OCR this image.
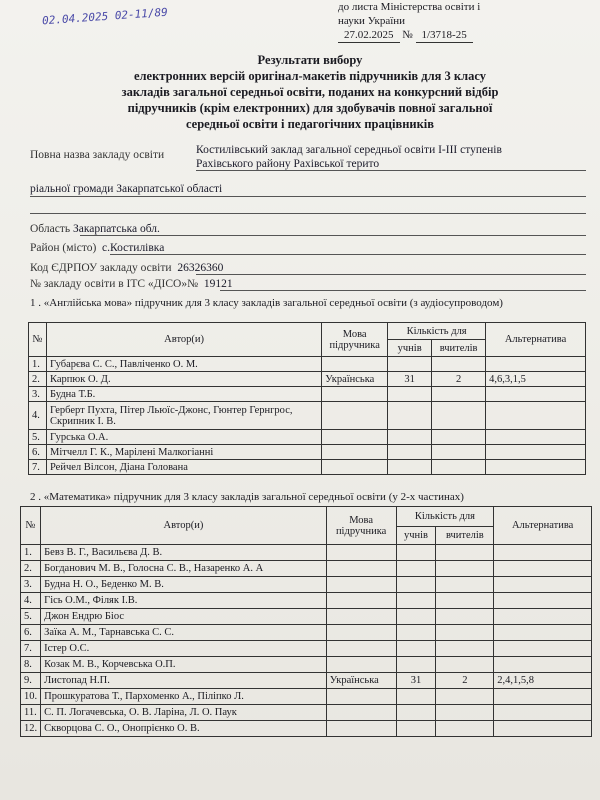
02.04.2025 02-11/89	до листа Міністерства освіти і
науки України
27.02.2025 № 1/3718-25
Результати вибору
електронних версій оригінал-макетів підручників для 3 класу
закладів загальної середньої освіти, поданих на конкурсний відбір
підручників (крім електронних) для здобувачів повної загальної
середньої освіти і педагогічних працівників
Повна назва закладу освіти	Костилівський заклад загальної середньої освіти І-ІІІ ступенів
Рахівського району Рахівської терито
ріальної громади Закарпатської області
Область Закарпатська обл.
Район (місто) с.Костилівка
Код ЄДРПОУ закладу освіти 26326360
№ закладу освіти в ІТС «ДІСО»№ 19121
1 . «Англійська мова» підручник для 3 класу закладів загальної середньої освіти (з аудіосупроводом)
№	Автор(и)	Мова підручника	Кількість для		Альтернатива
			учнів	вчителів	
1.	Губарєва С. С., Павліченко О. М.				
2.	Карпюк О. Д.	Українська	31	2	4,6,3,1,5
3.	Будна Т.Б.				
4.	Герберт Пухта, Пітер Льюїс-Джонс, Гюнтер Гернгрос, Скрипник І. В.				
5.	Гурська О.А.				
6.	Мітчелл Г. К., Марілені Малкогіанні				
7.	Рейчел Вілсон, Діана Голована				
2 . «Математика» підручник для 3 класу закладів загальної середньої освіти (у 2-х частинах)
№	Автор(и)	Мова підручника	Кількість для		Альтернатива
			учнів	вчителів	
1.	Бевз В. Г., Васильєва Д. В.				
2.	Богданович М. В., Голосна С. В., Назаренко А. А				
3.	Будна Н. О., Беденко М. В.				
4.	Гісь О.М., Філяк І.В.				
5.	Джон Ендрю Біос				
6.	Заїка А. М., Тарнавська С. С.				
7.	Істер О.С.				
8.	Козак М. В., Корчевська О.П.				
9.	Листопад Н.П.	Українська	31	2	2,4,1,5,8
10.	Прошкуратова Т., Пархоменко А., Пiлiпко Л.				
11.	С. П. Логачевська, О. В. Ларіна, Л. О. Паук				
12.	Скворцова С. О., Онопрієнко О. В.				
